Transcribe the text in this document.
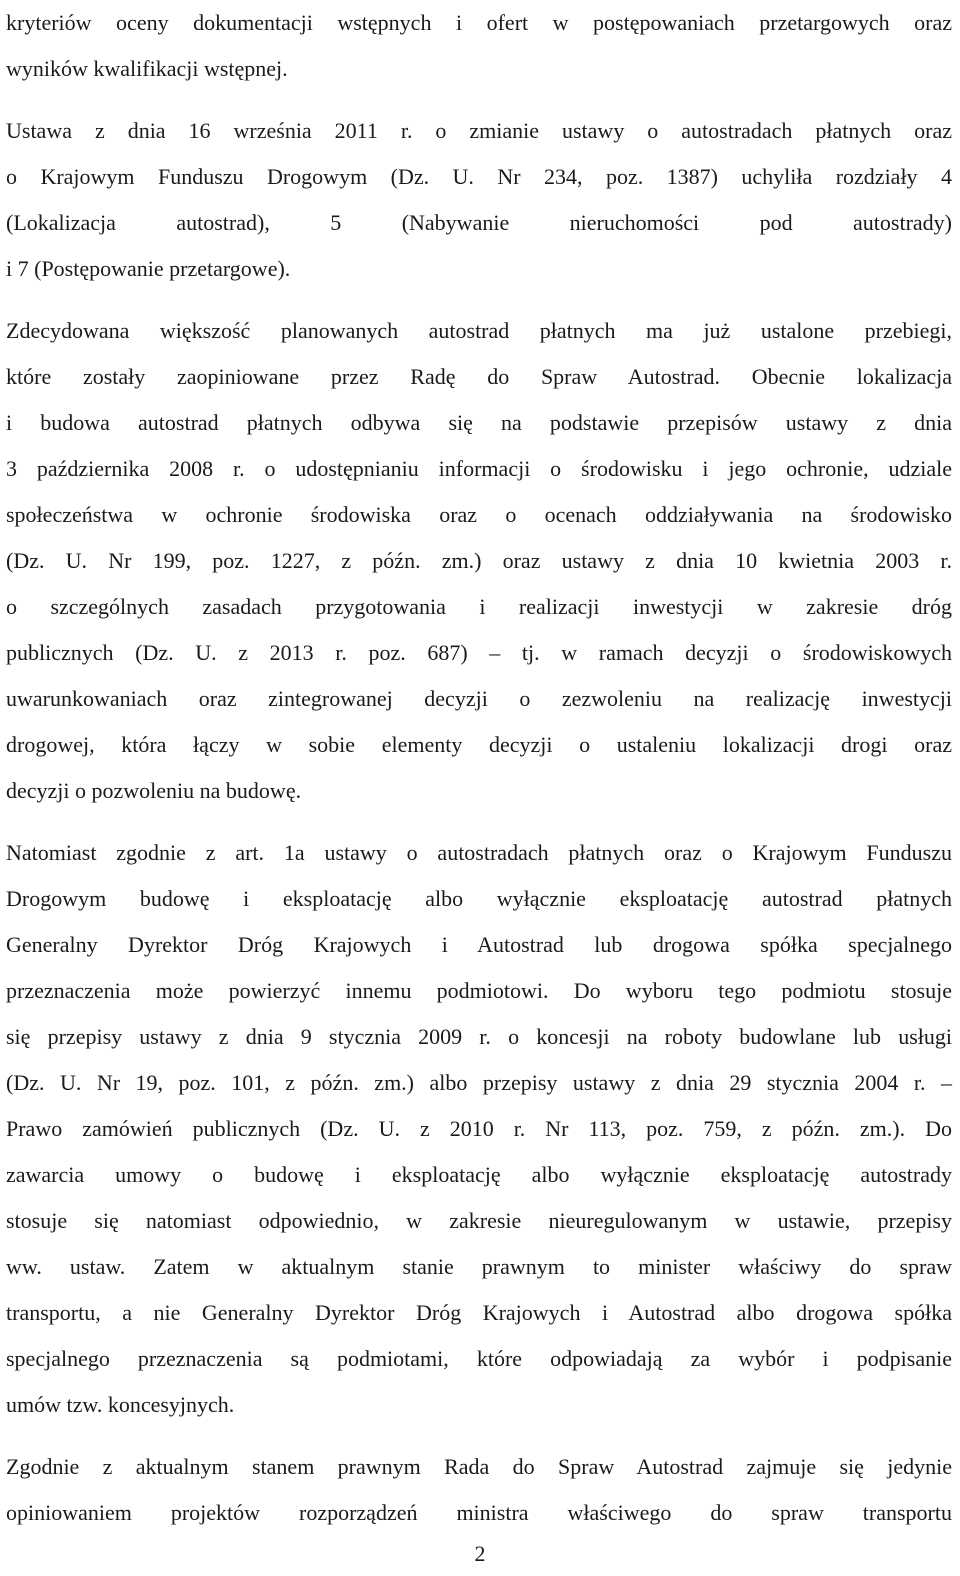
kryteriów oceny dokumentacji wstępnych i ofert w postępowaniach przetargowych oraz
wyników kwalifikacji wstępnej.
Ustawa z dnia 16 września 2011 r. o zmianie ustawy o autostradach płatnych oraz
o Krajowym Funduszu Drogowym (Dz. U. Nr 234, poz. 1387) uchyliła rozdziały 4
(Lokalizacja autostrad), 5 (Nabywanie nieruchomości pod autostrady)
i 7 (Postępowanie przetargowe).
Zdecydowana większość planowanych autostrad płatnych ma już ustalone przebiegi,
które zostały zaopiniowane przez Radę do Spraw Autostrad. Obecnie lokalizacja
i budowa autostrad płatnych odbywa się na podstawie przepisów ustawy z dnia
3 października 2008 r. o udostępnianiu informacji o środowisku i jego ochronie, udziale
społeczeństwa w ochronie środowiska oraz o ocenach oddziaływania na środowisko
(Dz. U. Nr 199, poz. 1227, z późn. zm.) oraz ustawy z dnia 10 kwietnia 2003 r.
o szczególnych zasadach przygotowania i realizacji inwestycji w zakresie dróg
publicznych (Dz. U. z 2013 r. poz. 687) – tj. w ramach decyzji o środowiskowych
uwarunkowaniach oraz zintegrowanej decyzji o zezwoleniu na realizację inwestycji
drogowej, która łączy w sobie elementy decyzji o ustaleniu lokalizacji drogi oraz
decyzji o pozwoleniu na budowę.
Natomiast zgodnie z art. 1a ustawy o autostradach płatnych oraz o Krajowym Funduszu
Drogowym budowę i eksploatację albo wyłącznie eksploatację autostrad płatnych
Generalny Dyrektor Dróg Krajowych i Autostrad lub drogowa spółka specjalnego
przeznaczenia może powierzyć innemu podmiotowi. Do wyboru tego podmiotu stosuje
się przepisy ustawy z dnia 9 stycznia 2009 r. o koncesji na roboty budowlane lub usługi
(Dz. U. Nr 19, poz. 101, z późn. zm.) albo przepisy ustawy z dnia 29 stycznia 2004 r. –
Prawo zamówień publicznych (Dz. U. z 2010 r. Nr 113, poz. 759, z późn. zm.). Do
zawarcia umowy o budowę i eksploatację albo wyłącznie eksploatację autostrady
stosuje się natomiast odpowiednio, w zakresie nieuregulowanym w ustawie, przepisy
ww. ustaw. Zatem w aktualnym stanie prawnym to minister właściwy do spraw
transportu, a nie Generalny Dyrektor Dróg Krajowych i Autostrad albo drogowa spółka
specjalnego przeznaczenia są podmiotami, które odpowiadają za wybór i podpisanie
umów tzw. koncesyjnych.
Zgodnie z aktualnym stanem prawnym Rada do Spraw Autostrad zajmuje się jedynie
opiniowaniem projektów rozporządzeń ministra właściwego do spraw transportu
2
